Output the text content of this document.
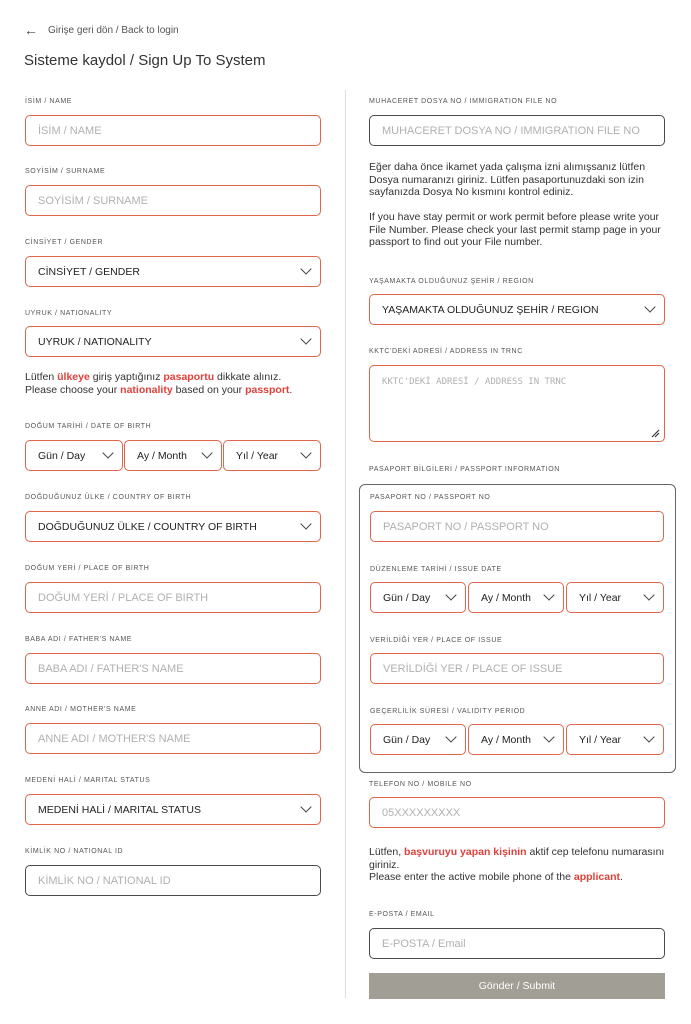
← Girişe geri dön / Back to login
Sisteme kaydol / Sign Up To System
İSİM / NAME
İSİM / NAME
SOYİSİM / SURNAME
SOYİSİM / SURNAME
CİNSİYET / GENDER
CİNSİYET / GENDER
UYRUK / NATIONALITY
UYRUK / NATIONALITY
Lütfen ülkeye giriş yaptığınız pasaportu dikkate alınız.
Please choose your nationality based on your passport.
DOĞUM TARİHİ / DATE OF BIRTH
Gün / Day	Ay / Month	Yıl / Year
DOĞDUĞUNUZ ÜLKE / COUNTRY OF BIRTH
DOĞDUĞUNUZ ÜLKE / COUNTRY OF BIRTH
DOĞUM YERİ / PLACE OF BIRTH
DOĞUM YERİ / PLACE OF BIRTH
BABA ADI / FATHER'S NAME
BABA ADI / FATHER'S NAME
ANNE ADI / MOTHER'S NAME
ANNE ADI / MOTHER'S NAME
MEDENİ HALİ / MARITAL STATUS
MEDENİ HALİ / MARITAL STATUS
KİMLİK NO / NATIONAL ID
KİMLİK NO / NATIONAL ID
MUHACERET DOSYA NO / IMMIGRATION FILE NO
MUHACERET DOSYA NO / IMMIGRATION FILE NO
Eğer daha önce ikamet yada çalışma izni alımışsanız lütfen Dosya numaranızı giriniz. Lütfen pasaportunuzdaki son izin sayfanızda Dosya No kısmını kontrol ediniz.
If you have stay permit or work permit before please write your File Number. Please check your last permit stamp page in your passport to find out your File number.
YAŞAMAKTA OLDUĞUNUZ ŞEHİR / REGION
YAŞAMAKTA OLDUĞUNUZ ŞEHİR / REGION
KKTC'DEKİ ADRESİ / ADDRESS IN TRNC
KKTC'DEKİ ADRESİ / ADDRESS IN TRNC
PASAPORT BİLGİLERİ / PASSPORT INFORMATION
PASAPORT NO / PASSPORT NO
PASAPORT NO / PASSPORT NO
DÜZENLEME TARİHİ / ISSUE DATE
Gün / Day	Ay / Month	Yıl / Year
VERİLDİĞİ YER / PLACE OF ISSUE
VERİLDİĞİ YER / PLACE OF ISSUE
GEÇERLİLİK SÜRESİ / VALIDITY PERIOD
Gün / Day	Ay / Month	Yıl / Year
TELEFON NO / MOBILE NO
05XXXXXXXXX
Lütfen, başvuruyu yapan kişinin aktif cep telefonu numarasını giriniz.
Please enter the active mobile phone of the applicant.
E-POSTA / EMAIL
E-POSTA / Email
Gönder / Submit
